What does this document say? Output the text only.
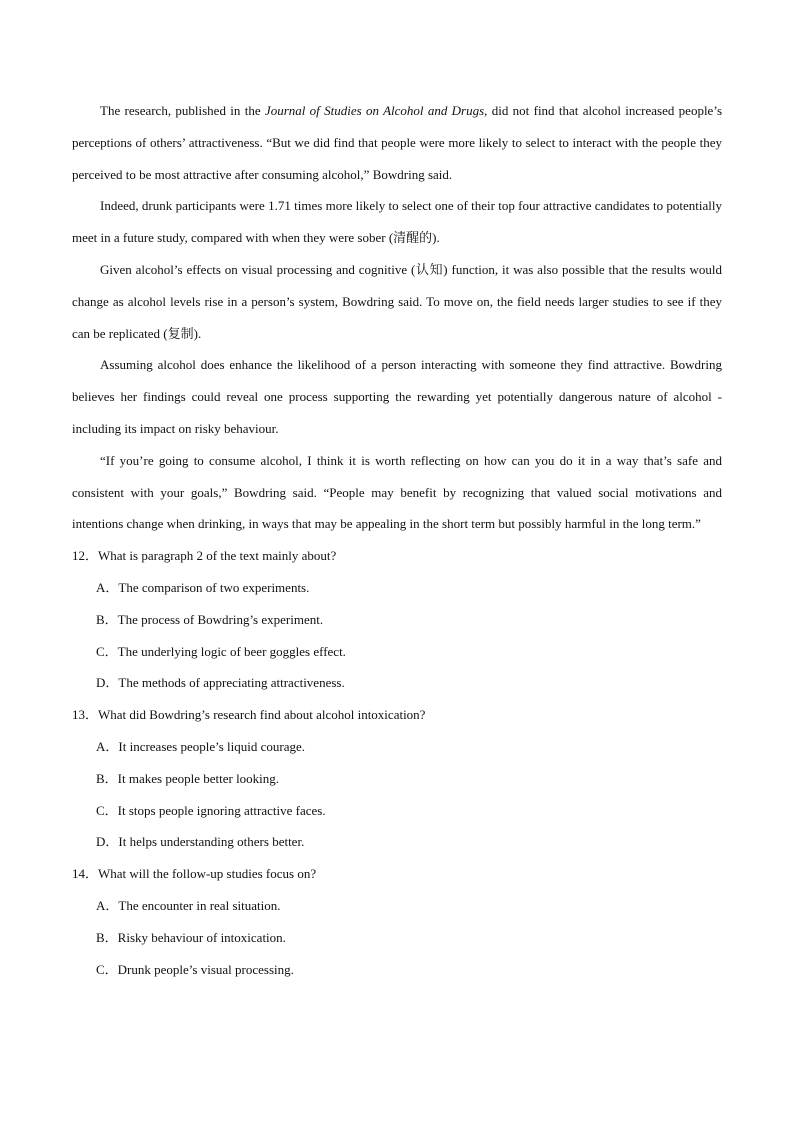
The research, published in the Journal of Studies on Alcohol and Drugs, did not find that alcohol increased people’s perceptions of others’ attractiveness. “But we did find that people were more likely to select to interact with the people they perceived to be most attractive after consuming alcohol,” Bowdring said.

Indeed, drunk participants were 1.71 times more likely to select one of their top four attractive candidates to potentially meet in a future study, compared with when they were sober (清醒的).

Given alcohol’s effects on visual processing and cognitive (认知) function, it was also possible that the results would change as alcohol levels rise in a person’s system, Bowdring said. To move on, the field needs larger studies to see if they can be replicated (复制).

Assuming alcohol does enhance the likelihood of a person interacting with someone they find attractive. Bowdring believes her findings could reveal one process supporting the rewarding yet potentially dangerous nature of alcohol - including its impact on risky behaviour.

“If you’re going to consume alcohol, I think it is worth reflecting on how can you do it in a way that’s safe and consistent with your goals,” Bowdring said. “People may benefit by recognizing that valued social motivations and intentions change when drinking, in ways that may be appealing in the short term but possibly harmful in the long term.”

12．What is paragraph 2 of the text mainly about?

A．The comparison of two experiments.

B．The process of Bowdring’s experiment.

C．The underlying logic of beer goggles effect.

D．The methods of appreciating attractiveness.

13．What did Bowdring’s research find about alcohol intoxication?

A．It increases people’s liquid courage.

B．It makes people better looking.

C．It stops people ignoring attractive faces.

D．It helps understanding others better.

14．What will the follow-up studies focus on?

A．The encounter in real situation.

B．Risky behaviour of intoxication.

C．Drunk people’s visual processing.
